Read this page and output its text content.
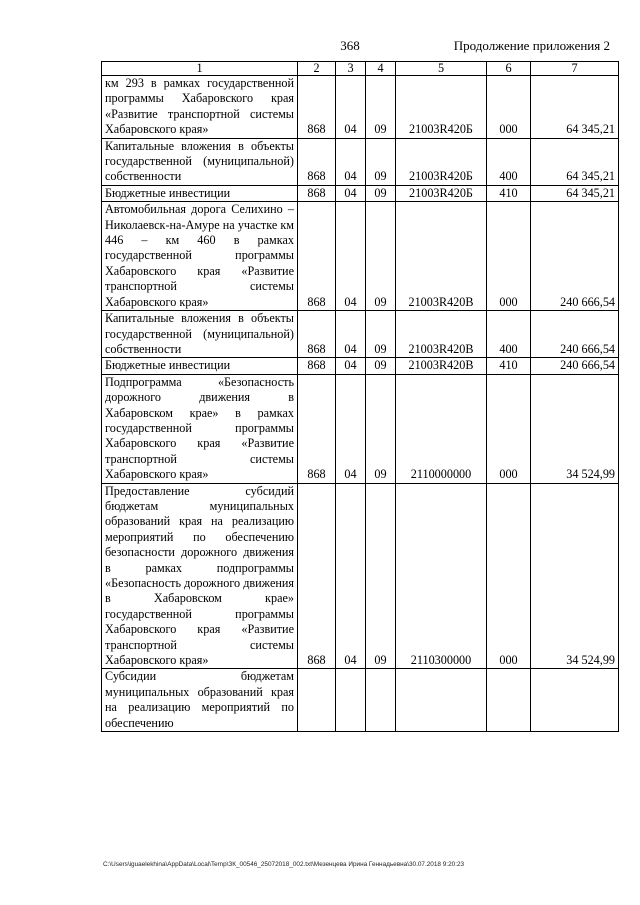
368	Продолжение приложения 2
1	2	3	4	5	6	7
км 293 в рамках государственной программы Хабаровского края «Развитие транспортной системы Хабаровского края»	868	04	09	21003R420Б	000	64 345,21
Капитальные вложения в объекты государственной (муниципальной) собственности	868	04	09	21003R420Б	400	64 345,21
Бюджетные инвестиции	868	04	09	21003R420Б	410	64 345,21
Автомобильная дорога Селихино – Николаевск-на-Амуре на участке км 446 – км 460 в рамках государственной программы Хабаровского края «Развитие транспортной системы Хабаровского края»	868	04	09	21003R420В	000	240 666,54
Капитальные вложения в объекты государственной (муниципальной) собственности	868	04	09	21003R420В	400	240 666,54
Бюджетные инвестиции	868	04	09	21003R420В	410	240 666,54
Подпрограмма «Безопасность дорожного движения в Хабаровском крае» в рамках государственной программы Хабаровского края «Развитие транспортной системы Хабаровского края»	868	04	09	2110000000	000	34 524,99
Предоставление субсидий бюджетам муниципальных образований края на реализацию мероприятий по обеспечению безопасности дорожного движения в рамках подпрограммы «Безопасность дорожного движения в Хабаровском крае» государственной программы Хабаровского края «Развитие транспортной системы Хабаровского края»	868	04	09	2110300000	000	34 524,99
Субсидии бюджетам муниципальных образований края на реализацию мероприятий по обеспечению						
C:\Users\iguaelekhina\AppData\Local\Temp\ЗК_00546_25072018_002.txt\Мезенцева Ирина Геннадьевна\30.07.2018 9:20:23
